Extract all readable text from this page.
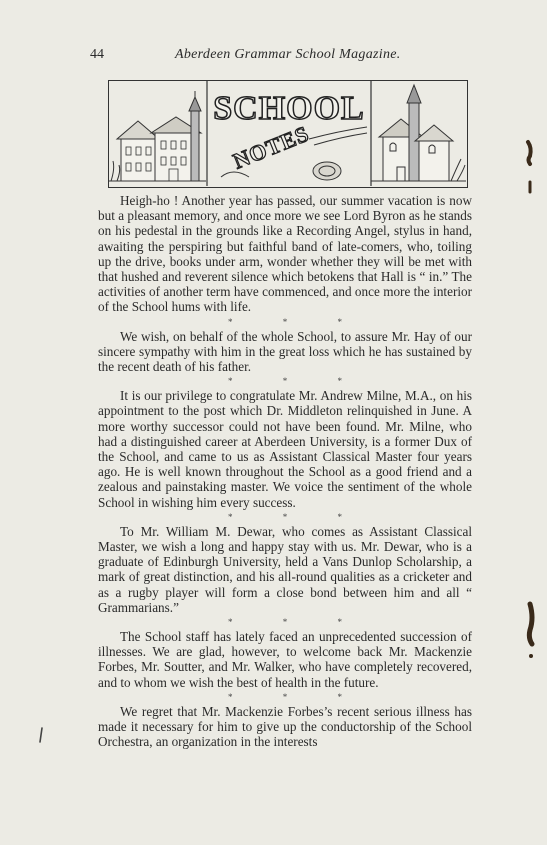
44	Aberdeen Grammar School Magazine.
SCHOOL
NOTES

Heigh-ho ! Another year has passed, our summer vacation is now but a pleasant memory, and once more we see Lord Byron as he stands on his pedestal in the grounds like a Recording Angel, stylus in hand, awaiting the perspiring but faithful band of late-comers, who, toiling up the drive, books under arm, wonder whether they will be met with that hushed and reverent silence which betokens that Hall is “ in.” The activities of another term have commenced, and once more the interior of the School hums with life.

* * *

We wish, on behalf of the whole School, to assure Mr. Hay of our sincere sympathy with him in the great loss which he has sustained by the recent death of his father.

* * *

It is our privilege to congratulate Mr. Andrew Milne, M.A., on his appointment to the post which Dr. Middleton relinquished in June. A more worthy successor could not have been found. Mr. Milne, who had a distinguished career at Aberdeen University, is a former Dux of the School, and came to us as Assistant Classical Master four years ago. He is well known throughout the School as a good friend and a zealous and painstaking master. We voice the sentiment of the whole School in wishing him every success.

* * *

To Mr. William M. Dewar, who comes as Assistant Classical Master, we wish a long and happy stay with us. Mr. Dewar, who is a graduate of Edinburgh University, held a Vans Dunlop Scholarship, a mark of great distinction, and his all-round qualities as a cricketer and as a rugby player will form a close bond between him and all “ Grammarians.”

* * *

The School staff has lately faced an unprecedented succession of illnesses. We are glad, however, to welcome back Mr. Mackenzie Forbes, Mr. Soutter, and Mr. Walker, who have completely recovered, and to whom we wish the best of health in the future.

* * *

We regret that Mr. Mackenzie Forbes’s recent serious illness has made it necessary for him to give up the conductorship of the School Orchestra, an organization in the interests
